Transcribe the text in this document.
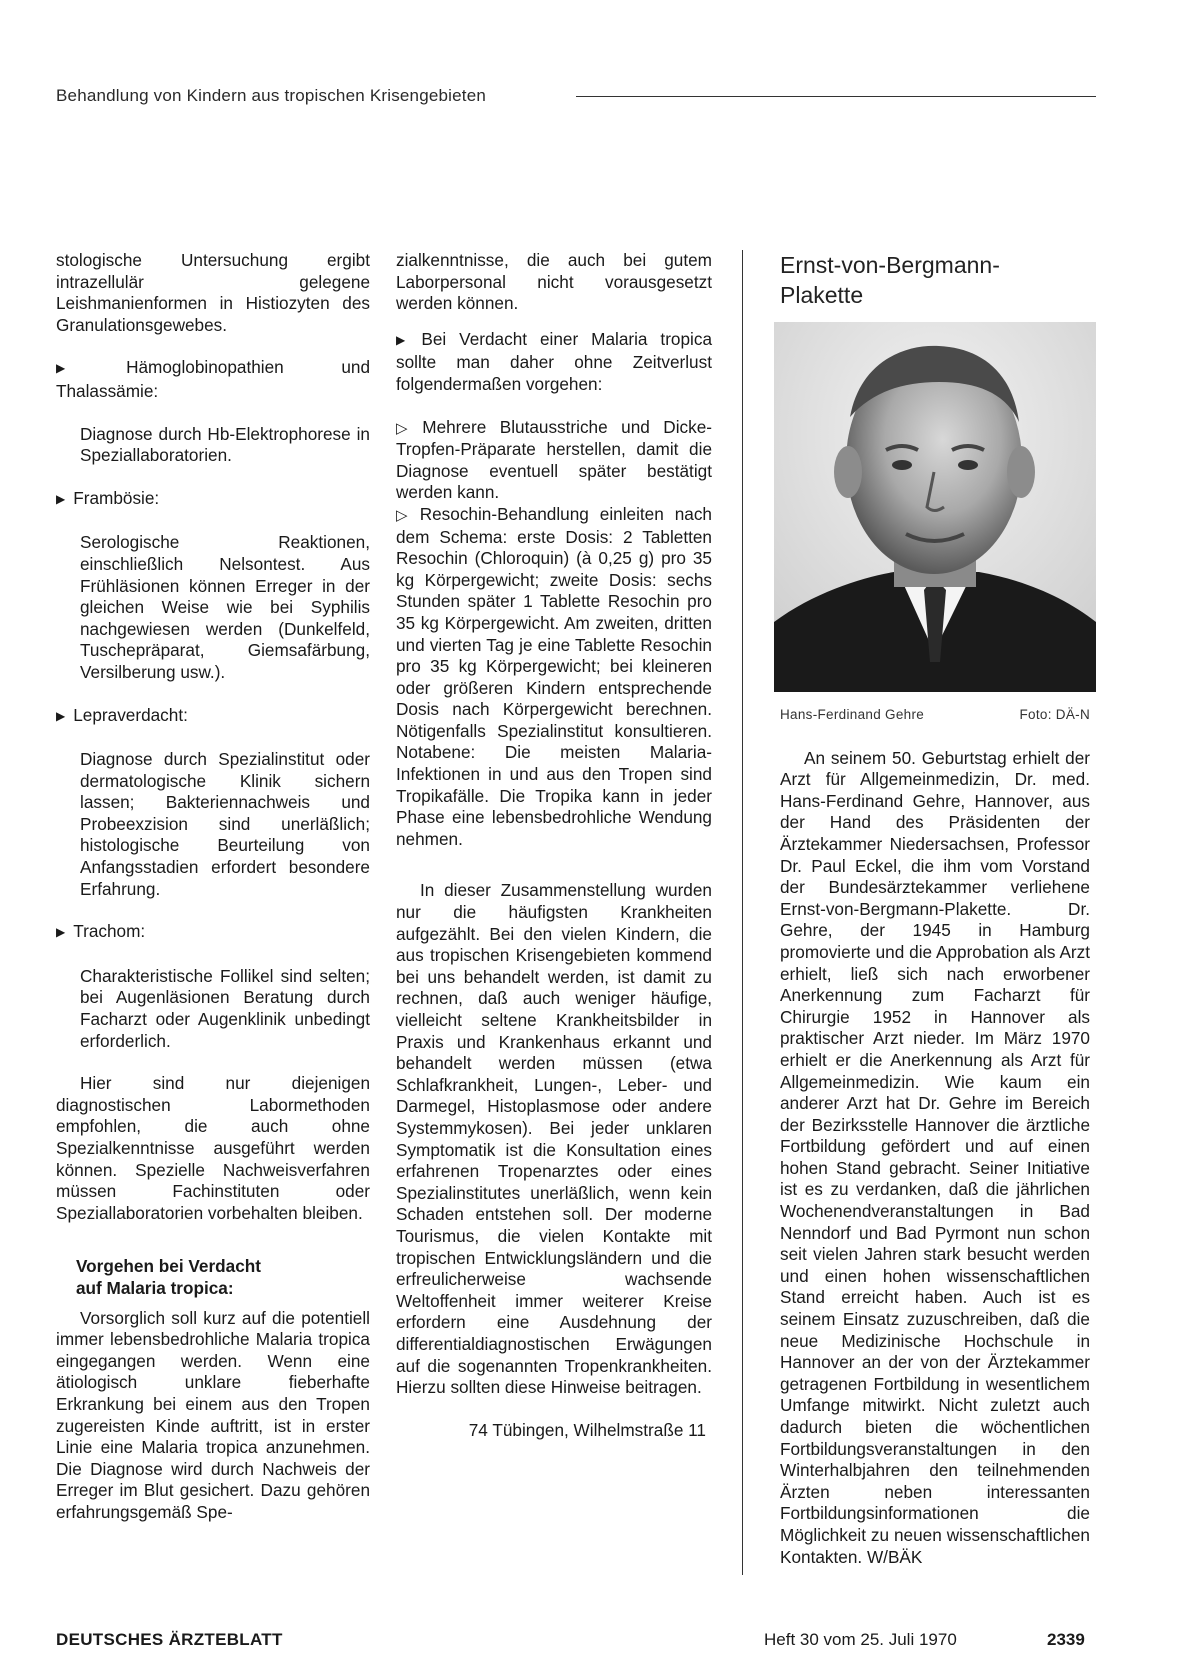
Behandlung von Kindern aus tropischen Krisengebieten

stologische Untersuchung ergibt intrazellulär gelegene Leishmanienformen in Histiozyten des Granulationsgewebes.

▶ Hämoglobinopathien und Thalassämie:

Diagnose durch Hb-Elektrophorese in Speziallaboratorien.

▶ Frambösie:

Serologische Reaktionen, einschließlich Nelsontest. Aus Frühläsionen können Erreger in der gleichen Weise wie bei Syphilis nachgewiesen werden (Dunkelfeld, Tuschepräparat, Giemsafärbung, Versilberung usw.).

▶ Lepraverdacht:

Diagnose durch Spezialinstitut oder dermatologische Klinik sichern lassen; Bakteriennachweis und Probeexzision sind unerläßlich; histologische Beurteilung von Anfangsstadien erfordert besondere Erfahrung.

▶ Trachom:

Charakteristische Follikel sind selten; bei Augenläsionen Beratung durch Facharzt oder Augenklinik unbedingt erforderlich.

Hier sind nur diejenigen diagnostischen Labormethoden empfohlen, die auch ohne Spezialkenntnisse ausgeführt werden können. Spezielle Nachweisverfahren müssen Fachinstituten oder Speziallaboratorien vorbehalten bleiben.

Vorgehen bei Verdacht

auf Malaria tropica:

Vorsorglich soll kurz auf die potentiell immer lebensbedrohliche Malaria tropica eingegangen werden. Wenn eine ätiologisch unklare fieberhafte Erkrankung bei einem aus den Tropen zugereisten Kinde auftritt, ist in erster Linie eine Malaria tropica anzunehmen. Die Diagnose wird durch Nachweis der Erreger im Blut gesichert. Dazu gehören erfahrungsgemäß Spe-

zialkenntnisse, die auch bei gutem Laborpersonal nicht vorausgesetzt werden können.

▶ Bei Verdacht einer Malaria tropica sollte man daher ohne Zeitverlust folgendermaßen vorgehen:

▷ Mehrere Blutausstriche und Dicke-Tropfen-Präparate herstellen, damit die Diagnose eventuell später bestätigt werden kann.

▷ Resochin-Behandlung einleiten nach dem Schema: erste Dosis: 2 Tabletten Resochin (Chloroquin) (à 0,25 g) pro 35 kg Körpergewicht; zweite Dosis: sechs Stunden später 1 Tablette Resochin pro 35 kg Körpergewicht. Am zweiten, dritten und vierten Tag je eine Tablette Resochin pro 35 kg Körpergewicht; bei kleineren oder größeren Kindern entsprechende Dosis nach Körpergewicht berechnen. Nötigenfalls Spezialinstitut konsultieren. Notabene: Die meisten Malaria-Infektionen in und aus den Tropen sind Tropikafälle. Die Tropika kann in jeder Phase eine lebensbedrohliche Wendung nehmen.

In dieser Zusammenstellung wurden nur die häufigsten Krankheiten aufgezählt. Bei den vielen Kindern, die aus tropischen Krisengebieten kommend bei uns behandelt werden, ist damit zu rechnen, daß auch weniger häufige, vielleicht seltene Krankheitsbilder in Praxis und Krankenhaus erkannt und behandelt werden müssen (etwa Schlafkrankheit, Lungen-, Leber- und Darmegel, Histoplasmose oder andere Systemmykosen). Bei jeder unklaren Symptomatik ist die Konsultation eines erfahrenen Tropenarztes oder eines Spezialinstitutes unerläßlich, wenn kein Schaden entstehen soll. Der moderne Tourismus, die vielen Kontakte mit tropischen Entwicklungsländern und die erfreulicherweise wachsende Weltoffenheit immer weiterer Kreise erfordern eine Ausdehnung der differentialdiagnostischen Erwägungen auf die sogenannten Tropenkrankheiten. Hierzu sollten diese Hinweise beitragen.

74 Tübingen, Wilhelmstraße 11

Ernst-von-Bergmann-
Plakette
Hans-Ferdinand Gehre	Foto: DÄ-N

An seinem 50. Geburtstag erhielt der Arzt für Allgemeinmedizin, Dr. med. Hans-Ferdinand Gehre, Hannover, aus der Hand des Präsidenten der Ärztekammer Niedersachsen, Professor Dr. Paul Eckel, die ihm vom Vorstand der Bundesärztekammer verliehene Ernst-von-Bergmann-Plakette. Dr. Gehre, der 1945 in Hamburg promovierte und die Approbation als Arzt erhielt, ließ sich nach erworbener Anerkennung zum Facharzt für Chirurgie 1952 in Hannover als praktischer Arzt nieder. Im März 1970 erhielt er die Anerkennung als Arzt für Allgemeinmedizin. Wie kaum ein anderer Arzt hat Dr. Gehre im Bereich der Bezirksstelle Hannover die ärztliche Fortbildung gefördert und auf einen hohen Stand gebracht. Seiner Initiative ist es zu verdanken, daß die jährlichen Wochenendveranstaltungen in Bad Nenndorf und Bad Pyrmont nun schon seit vielen Jahren stark besucht werden und einen hohen wissenschaftlichen Stand erreicht haben. Auch ist es seinem Einsatz zuzuschreiben, daß die neue Medizinische Hochschule in Hannover an der von der Ärztekammer getragenen Fortbildung in wesentlichem Umfange mitwirkt. Nicht zuletzt auch dadurch bieten die wöchentlichen Fortbildungsveranstaltungen in den Winterhalbjahren den teilnehmenden Ärzten neben interessanten Fortbildungsinformationen die Möglichkeit zu neuen wissenschaftlichen Kontakten. W/BÄK

DEUTSCHES ÄRZTEBLATT	Heft 30 vom 25. Juli 1970	2339
